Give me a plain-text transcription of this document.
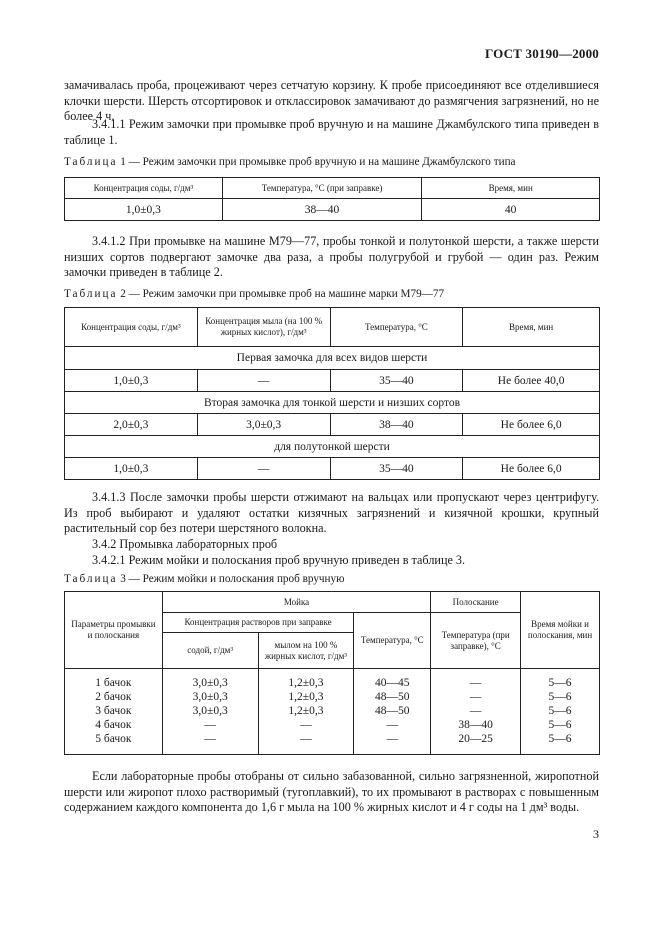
ГОСТ 30190—2000
замачивалась проба, процеживают через сетчатую корзину. К пробе присоединяют все отделившиеся клочки шерсти. Шерсть отсортировок и отклассировок замачивают до размягчения загрязнений, но не более 4 ч.
3.4.1.1 Режим замочки при промывке проб вручную и на машине Джамбулского типа приведен в таблице 1.
Таблица 1 — Режим замочки при промывке проб вручную и на машине Джамбулского типа
Концентрация соды, г/дм³	Температура, °С (при заправке)	Время, мин
1,0±0,3	38—40	40
3.4.1.2 При промывке на машине М79—77, пробы тонкой и полутонкой шерсти, а также шерсти низших сортов подвергают замочке два раза, а пробы полугрубой и грубой — один раз. Режим замочки приведен в таблице 2.
Таблица 2 — Режим замочки при промывке проб на машине марки М79—77
Концентрация соды, г/дм³	Концентрация мыла (на 100 % жирных кислот), г/дм³	Температура, °С	Время, мин
Первая замочка для всех видов шерсти			
1,0±0,3	—	35—40	Не более 40,0
Вторая замочка для тонкой шерсти и низших сортов			
2,0±0,3	3,0±0,3	38—40	Не более 6,0
для полутонкой шерсти			
1,0±0,3	—	35—40	Не более 6,0
3.4.1.3 После замочки пробы шерсти отжимают на вальцах или пропускают через центрифугу. Из проб выбирают и удаляют остатки кизячных загрязнений и кизячной крошки, крупный растительный сор без потери шерстяного волокна.
3.4.2 Промывка лабораторных проб
3.4.2.1 Режим мойки и полоскания проб вручную приведен в таблице 3.
Таблица 3 — Режим мойки и полоскания проб вручную
Параметры промывки и полоскания	Мойка			Полоскание	Время мойки и полоскания, мин
	Концентрация растворов при заправке		Температура, °С	Температура (при заправке), °С	
	содой, г/дм³	мылом на 100 % жирных кислот, г/дм³			

1 бачок	3,0±0,3	1,2±0,3	40—45	—	5—6
2 бачок	3,0±0,3	1,2±0,3	48—50	—	5—6
3 бачок	3,0±0,3	1,2±0,3	48—50	—	5—6
4 бачок	—	—	—	38—40	5—6
5 бачок	—	—	—	20—25	5—6

Если лабораторные пробы отобраны от сильно забазованной, сильно загрязненной, жиропотной шерсти или жиропот плохо растворимый (тугоплавкий), то их промывают в растворах с повышенным содержанием каждого компонента до 1,6 г мыла на 100 % жирных кислот и 4 г соды на 1 дм³ воды.
3
